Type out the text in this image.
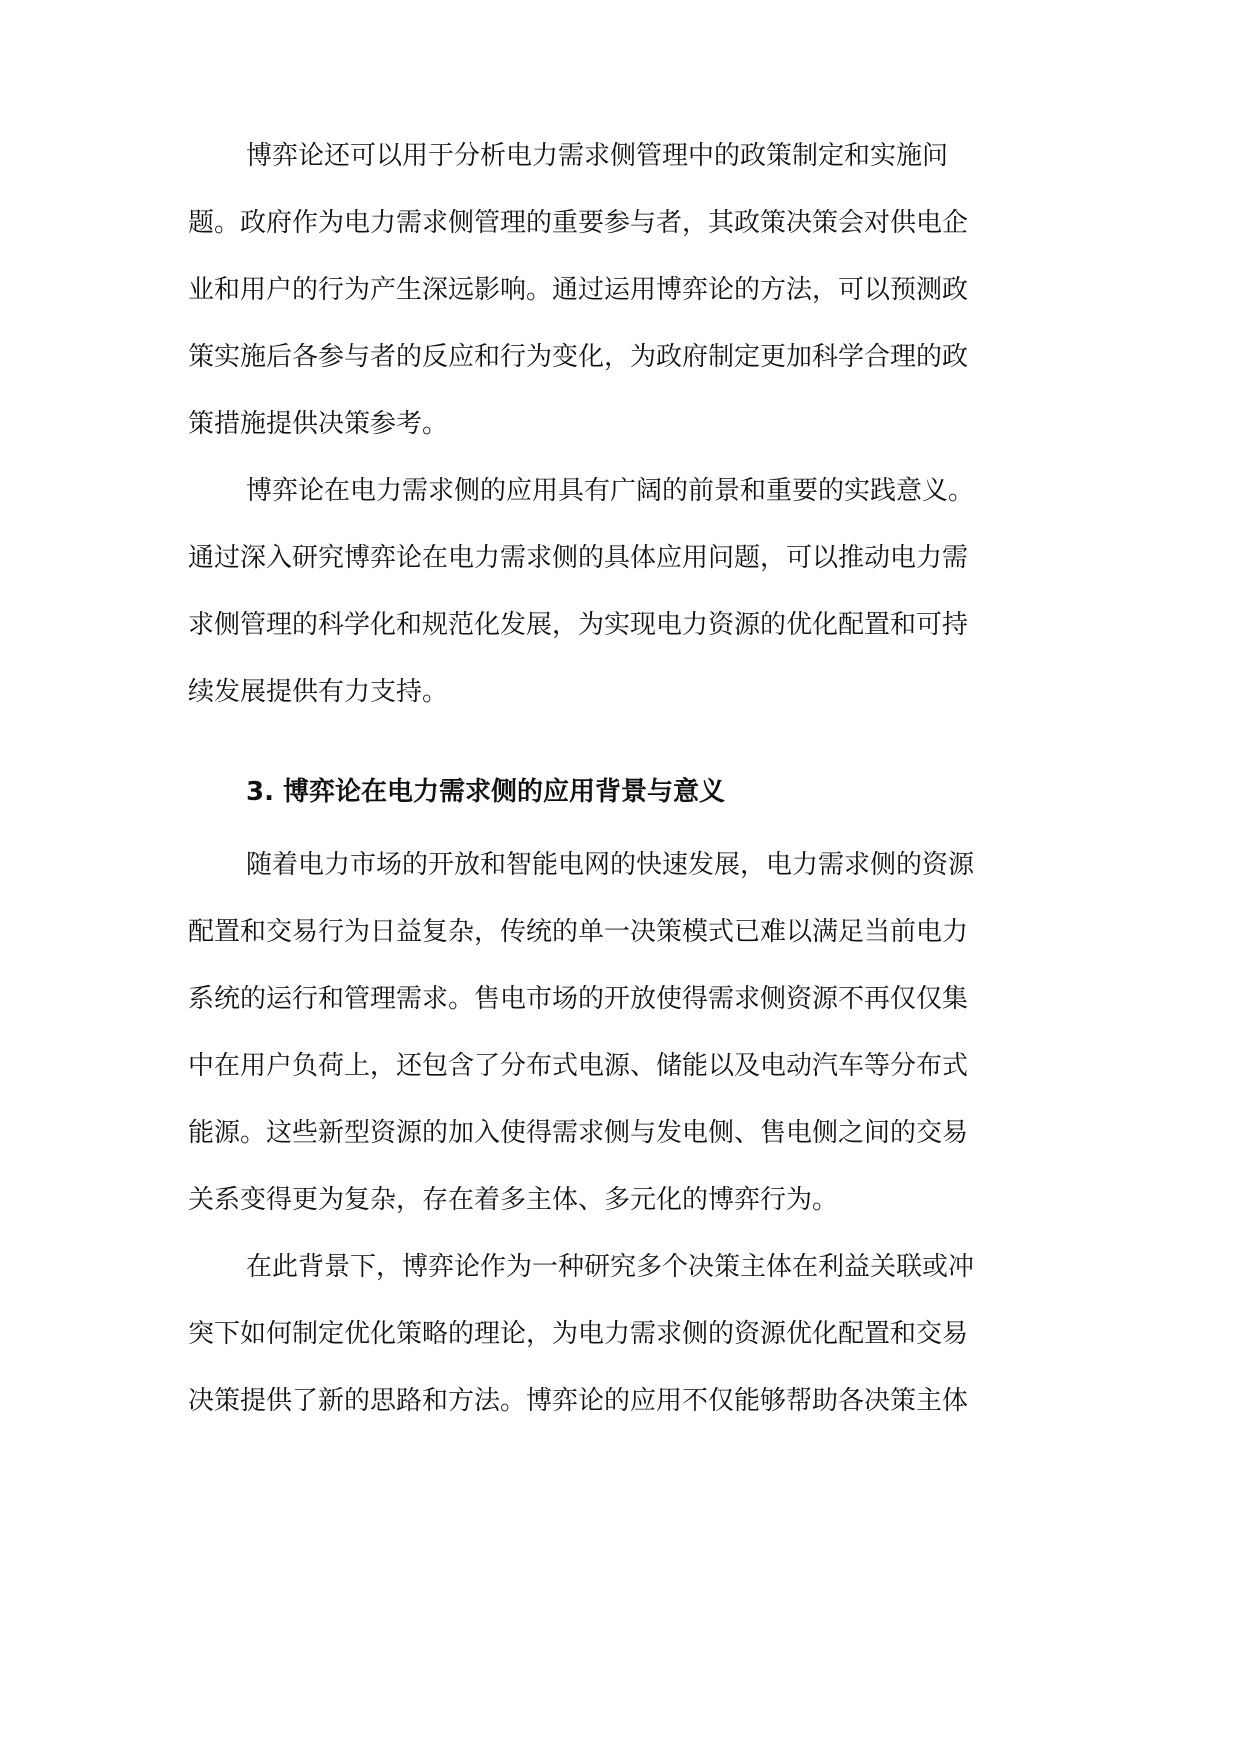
博弈论还可以用于分析电力需求侧管理中的政策制定和实施问
题。政府作为电力需求侧管理的重要参与者，其政策决策会对供电企
业和用户的行为产生深远影响。通过运用博弈论的方法，可以预测政
策实施后各参与者的反应和行为变化，为政府制定更加科学合理的政
策措施提供决策参考。
博弈论在电力需求侧的应用具有广阔的前景和重要的实践意义。
通过深入研究博弈论在电力需求侧的具体应用问题，可以推动电力需
求侧管理的科学化和规范化发展，为实现电力资源的优化配置和可持
续发展提供有力支持。
3. 博弈论在电力需求侧的应用背景与意义
随着电力市场的开放和智能电网的快速发展，电力需求侧的资源
配置和交易行为日益复杂，传统的单一决策模式已难以满足当前电力
系统的运行和管理需求。售电市场的开放使得需求侧资源不再仅仅集
中在用户负荷上，还包含了分布式电源、储能以及电动汽车等分布式
能源。这些新型资源的加入使得需求侧与发电侧、售电侧之间的交易
关系变得更为复杂，存在着多主体、多元化的博弈行为。
在此背景下，博弈论作为一种研究多个决策主体在利益关联或冲
突下如何制定优化策略的理论，为电力需求侧的资源优化配置和交易
决策提供了新的思路和方法。博弈论的应用不仅能够帮助各决策主体
